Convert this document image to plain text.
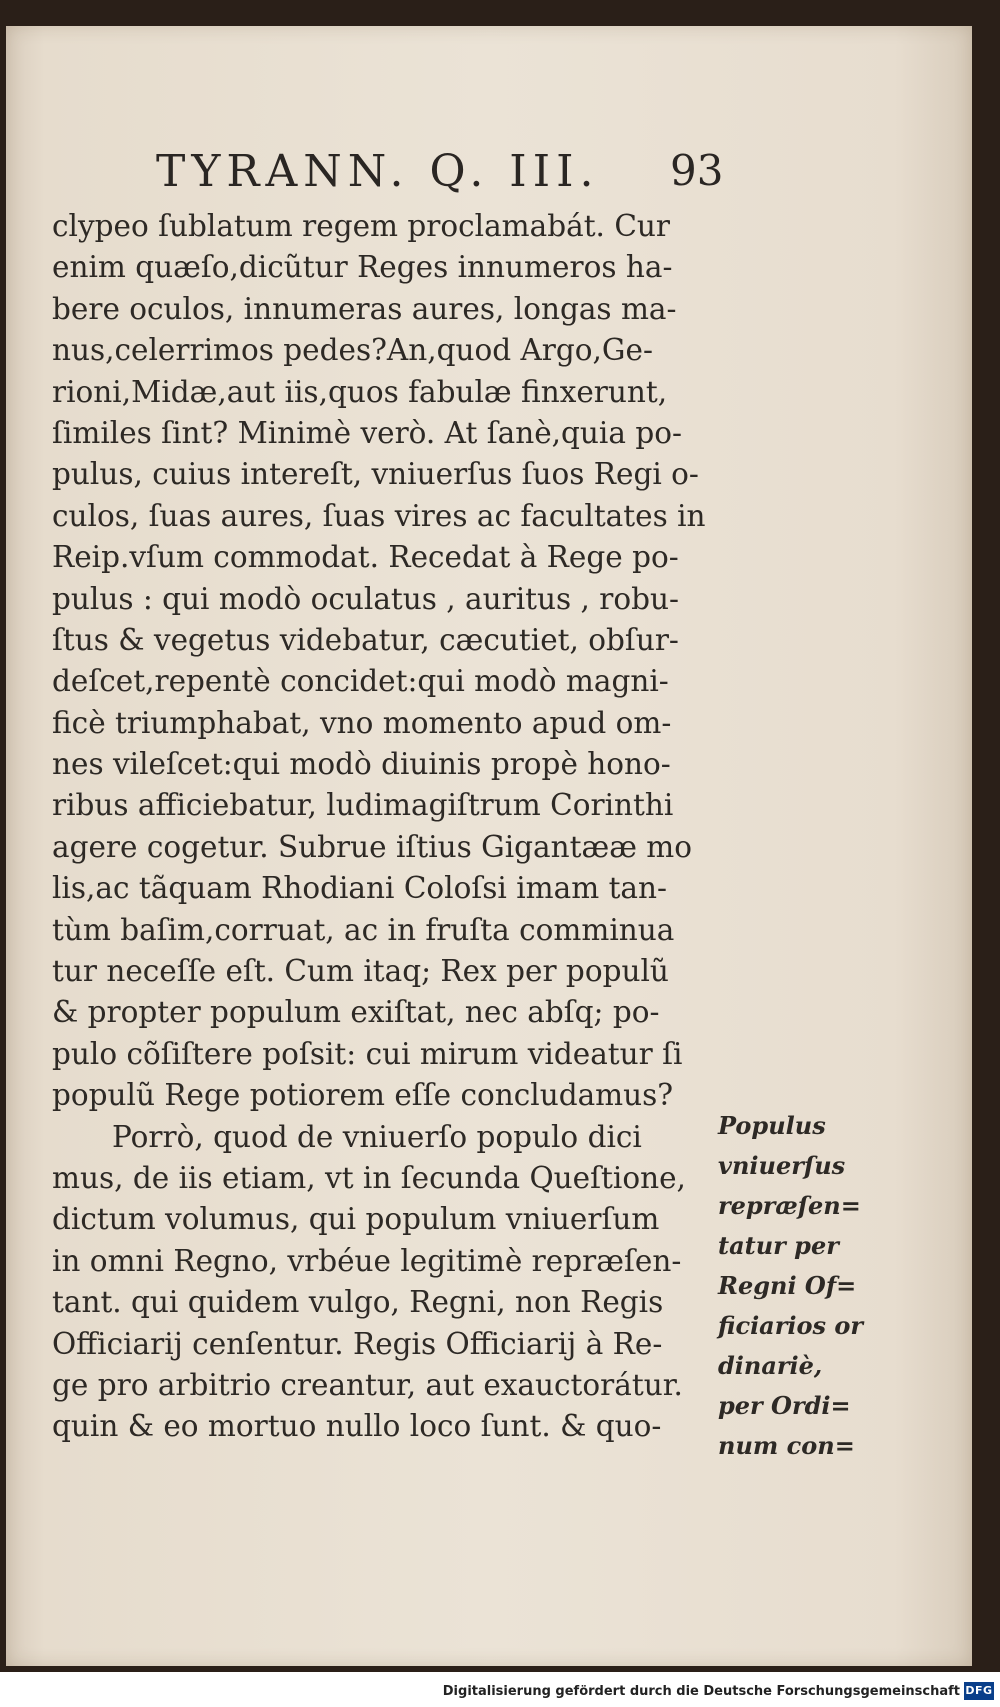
TYRANN. Q. III. 93
clypeo ſublatum regem proclamabát. Cur
enim quæſo,dicũtur Reges innumeros ha-
bere oculos, innumeras aures, longas ma-
nus,celerrimos pedes?An,quod Argo,Ge-
rioni,Midæ,aut iis,quos fabulæ finxerunt,
ſimiles ſint? Minimè verò. At ſanè,quia po-
pulus, cuius intereſt, vniuerſus ſuos Regi o-
culos, ſuas aures, ſuas vires ac facultates in
Reip.vſum commodat. Recedat à Rege po-
pulus : qui modò oculatus , auritus , robu-
ſtus & vegetus videbatur, cæcutiet, obſur-
deſcet,repentè concidet:qui modò magni-
ficè triumphabat, vno momento apud om-
nes vileſcet:qui modò diuinis propè hono-
ribus afficiebatur, ludimagiſtrum Corinthi
agere cogetur. Subrue iſtius Gigantææ mo
lis,ac tãquam Rhodiani Coloſsi imam tan-
tùm baſim,corruat, ac in fruſta comminua
tur neceſſe eſt. Cum itaq; Rex per populũ
& propter populum exiſtat, nec abſq; po-
pulo cõſiſtere poſsit: cui mirum videatur ſi
populũ Rege potiorem eſſe concludamus?
Porrò, quod de vniuerſo populo dici
mus, de iis etiam, vt in ſecunda Queſtione,
dictum volumus, qui populum vniuerſum
in omni Regno, vrbéue legitimè repræſen-
tant. qui quidem vulgo, Regni, non Regis
Officiarij cenſentur. Regis Officiarij à Re-
ge pro arbitrio creantur, aut exauctorátur.
quin & eo mortuo nullo loco ſunt. & quo-
Populus
vniuerſus
repræſen=
tatur per
Regni Of=
ficiarios or
dinariè,
per Ordi=
num con=
Digitalisierung gefördert durch die Deutsche Forschungsgemeinschaft DFG
